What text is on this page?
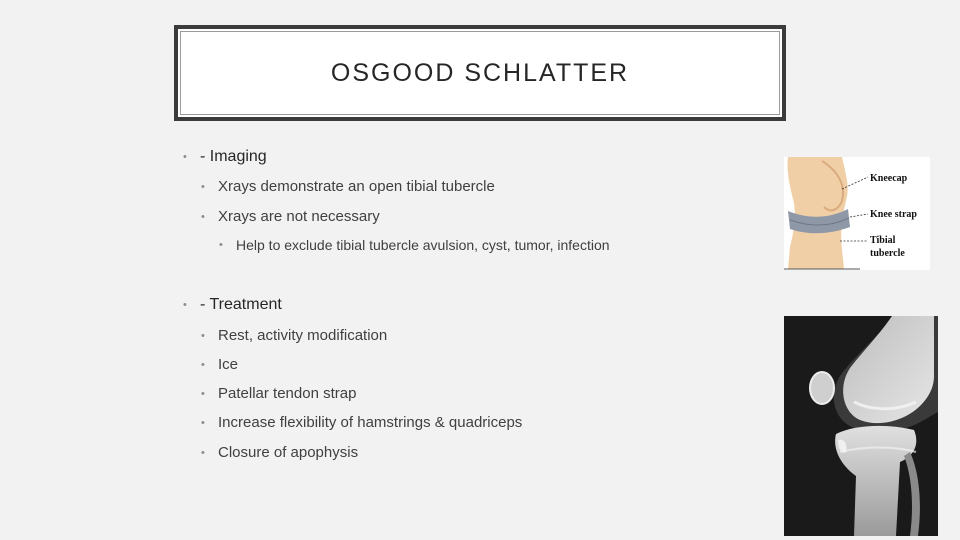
OSGOOD SCHLATTER
• - Imaging
• Xrays demonstrate an open tibial tubercle
• Xrays are not necessary
• Help to exclude tibial tubercle avulsion, cyst, tumor, infection
• - Treatment
• Rest, activity modification
• Ice
• Patellar tendon strap
• Increase flexibility of hamstrings & quadriceps
• Closure of apophysis
Kneecap
Knee strap
Tibial
tubercle
